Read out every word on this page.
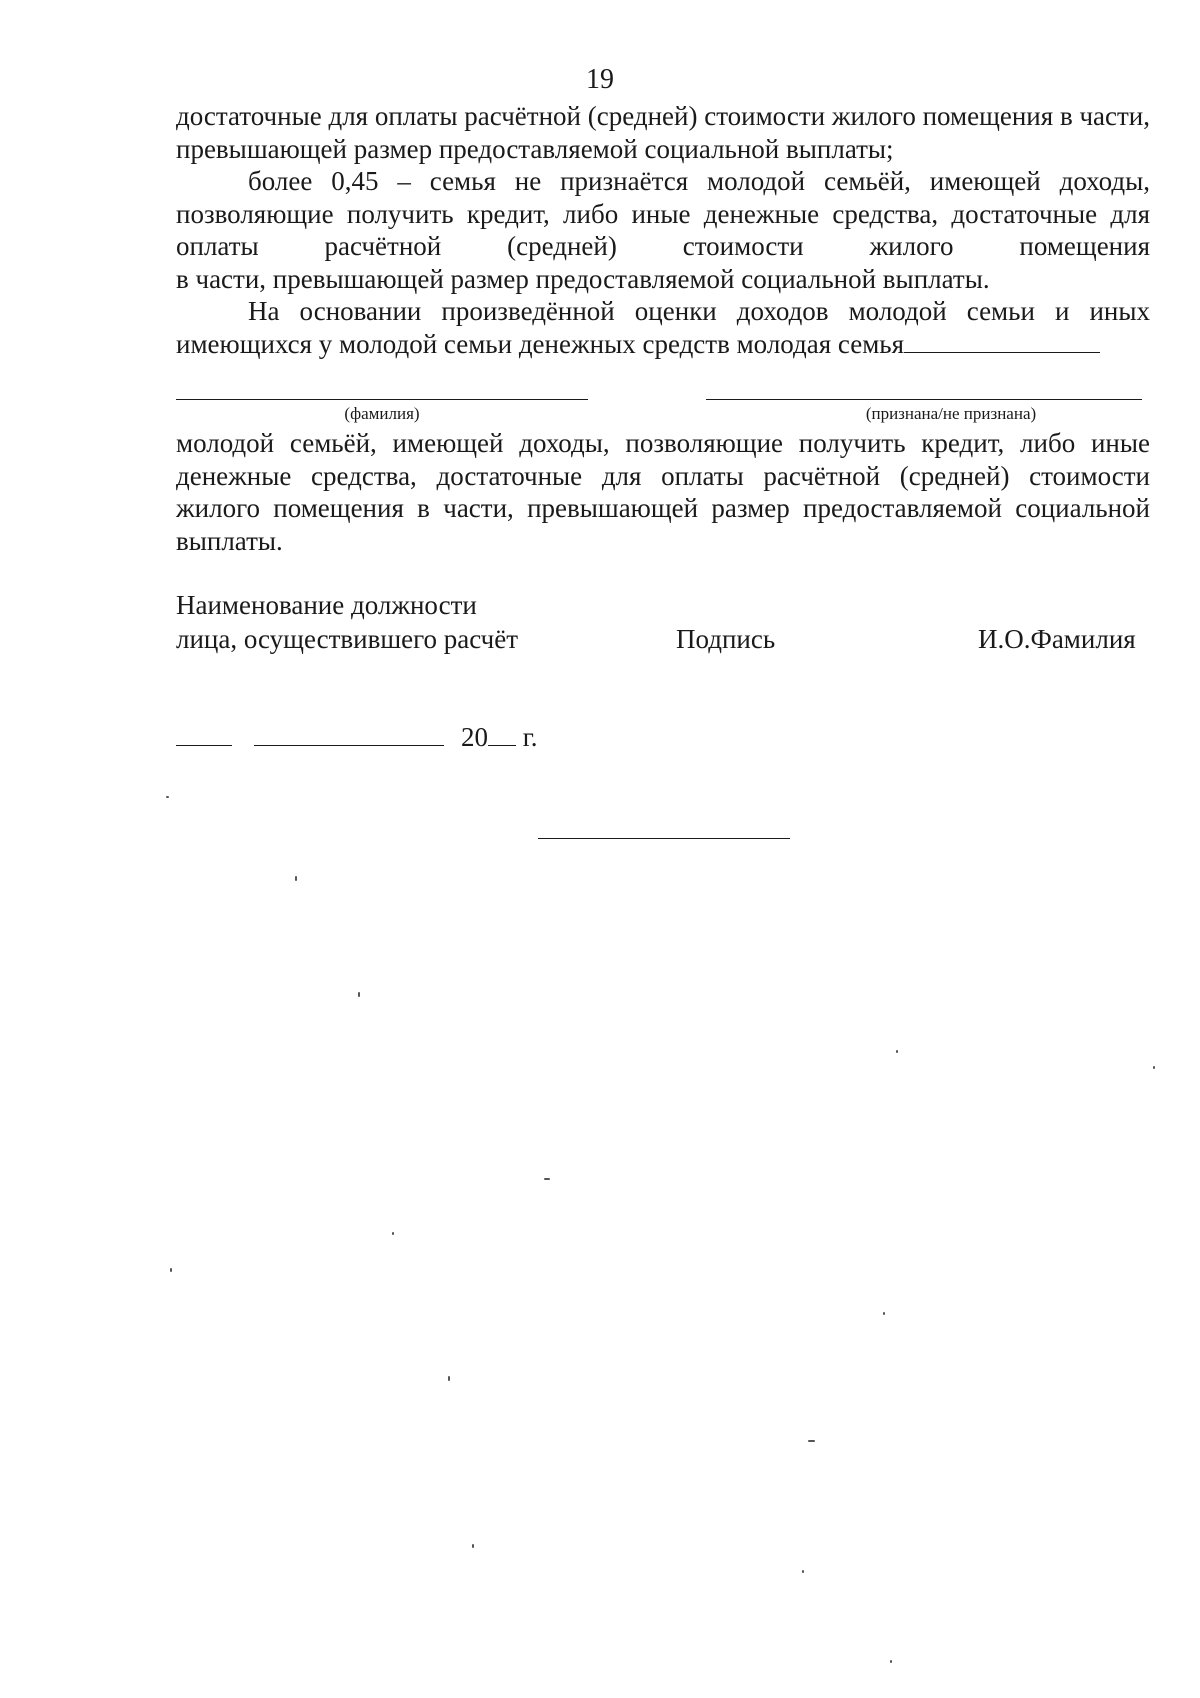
19

достаточные для оплаты расчётной (средней) стоимости жилого помещения в части, превышающей размер предоставляемой социальной выплаты;

более 0,45 – семья не признаётся молодой семьёй, имеющей доходы, позволяющие получить кредит, либо иные денежные средства, достаточные для оплаты расчётной (средней) стоимости жилого помещения

в части, превышающей размер предоставляемой социальной выплаты.

На основании произведённой оценки доходов молодой семьи и иных имеющихся у молодой семьи денежных средств молодая семья

(фамилия)	(признана/не признана)

молодой семьёй, имеющей доходы, позволяющие получить кредит, либо иные денежные средства, достаточные для оплаты расчётной (средней) стоимости жилого помещения в части, превышающей размер предоставляемой социальной выплаты.

Наименование должности
лица, осуществившего расчёт	Подпись	И.О.Фамилия
20 г.
